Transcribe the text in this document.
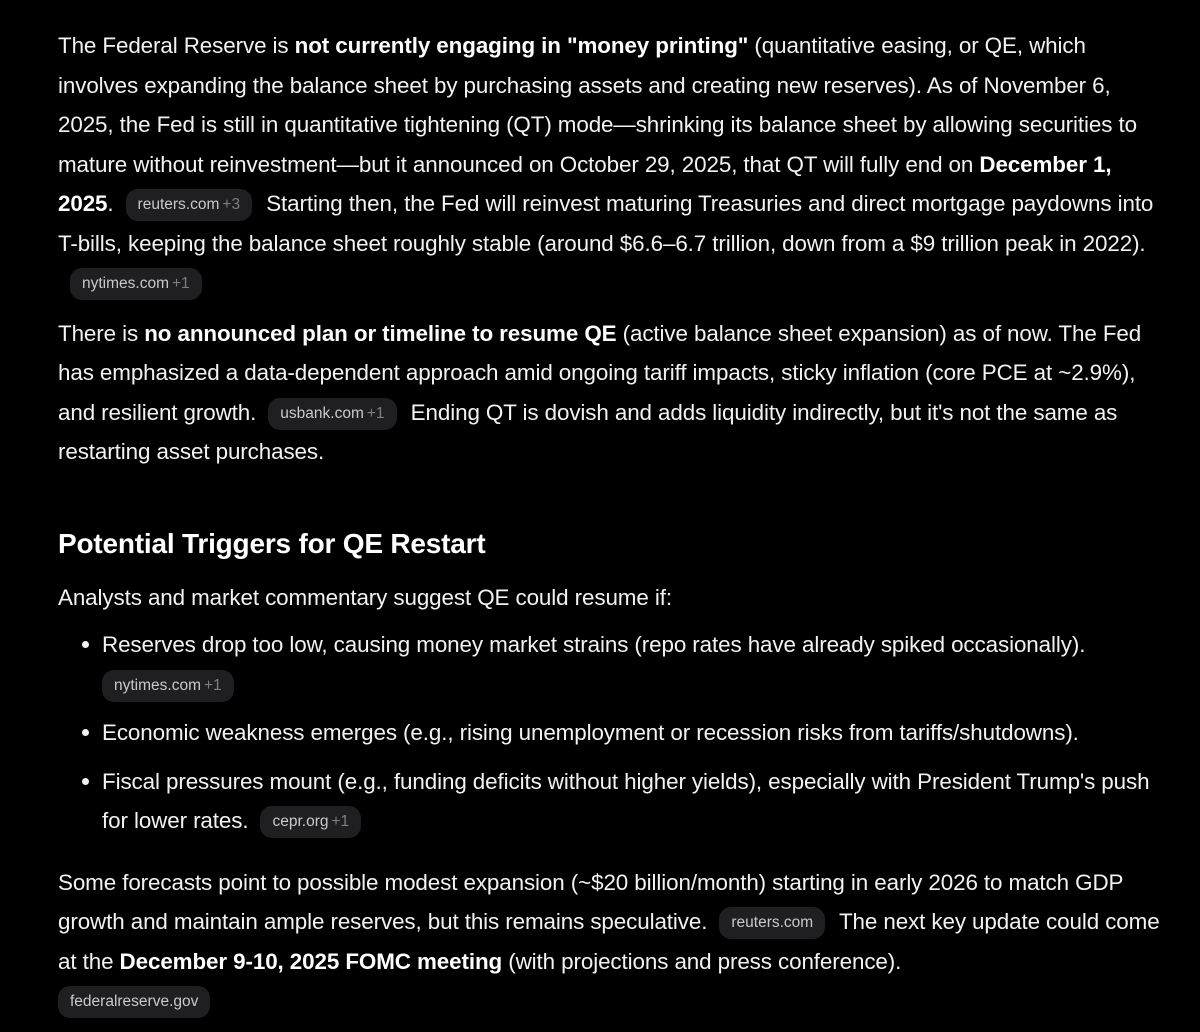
The Federal Reserve is not currently engaging in "money printing" (quantitative easing, or QE, which involves expanding the balance sheet by purchasing assets and creating new reserves). As of November 6, 2025, the Fed is still in quantitative tightening (QT) mode—shrinking its balance sheet by allowing securities to mature without reinvestment—but it announced on October 29, 2025, that QT will fully end on December 1, 2025. reuters.com +3 Starting then, the Fed will reinvest maturing Treasuries and direct mortgage paydowns into T-bills, keeping the balance sheet roughly stable (around $6.6–6.7 trillion, down from a $9 trillion peak in 2022).nytimes.com +1

There is no announced plan or timeline to resume QE (active balance sheet expansion) as of now. The Fed has emphasized a data-dependent approach amid ongoing tariff impacts, sticky inflation (core PCE at ~2.9%), and resilient growth. usbank.com +1 Ending QT is dovish and adds liquidity indirectly, but it's not the same as restarting asset purchases.

Potential Triggers for QE Restart

Analysts and market commentary suggest QE could resume if:

Reserves drop too low, causing money market strains (repo rates have already spiked occasionally).
nytimes.com +1
Economic weakness emerges (e.g., rising unemployment or recession risks from tariffs/shutdowns).
Fiscal pressures mount (e.g., funding deficits without higher yields), especially with President Trump's push for lower rates. cepr.org +1

Some forecasts point to possible modest expansion (~$20 billion/month) starting in early 2026 to match GDP growth and maintain ample reserves, but this remains speculative. reuters.com The next key update could come at the December 9-10, 2025 FOMC meeting (with projections and press conference).
federalreserve.gov
